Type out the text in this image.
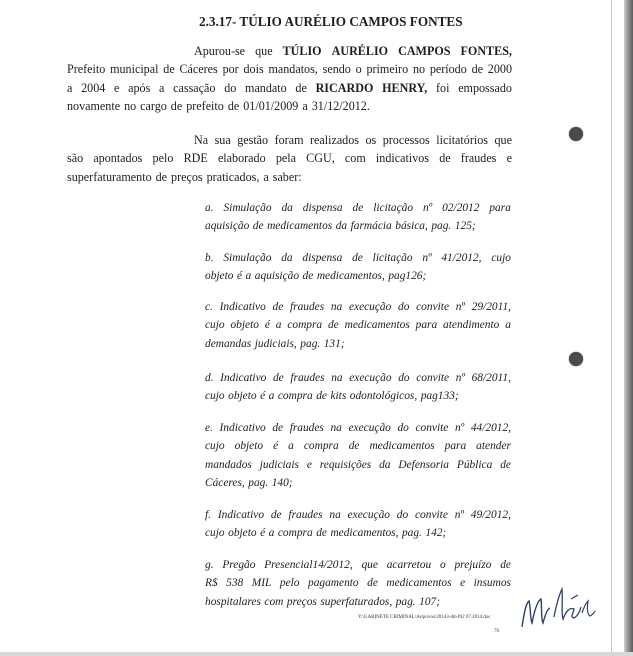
2.3.17- TÚLIO AURÉLIO CAMPOS FONTES
Apurou-se que TÚLIO AURÉLIO CAMPOS FONTES,
Prefeito municipal de Cáceres por dois mandatos, sendo o primeiro no período de 2000
a 2004 e após a cassação do mandato de RICARDO HENRY, foi empossado
novamente no cargo de prefeito de 01/01/2009 a 31/12/2012.
Na sua gestão foram realizados os processos licitatórios que
são apontados pelo RDE elaborado pela CGU, com indicativos de fraudes e
superfaturamento de preços praticados, a saber:
a. Simulação da dispensa de licitação nº 02/2012 para
aquisição de medicamentos da farmácia básica, pag. 125;
b. Simulação da dispensa de licitação nº 41/2012, cujo
objeto é a aquisição de medicamentos, pag126;
c. Indicativo de fraudes na execução do convite nº 29/2011,
cujo objeto é a compra de medicamentos para atendimento a
demandas judiciais, pag. 131;
d. Indicativo de fraudes na execução do convite nº 68/2011,
cujo objeto é a compra de kits odontológicos, pag133;
e. Indicativo de fraudes na execução do convite nº 44/2012,
cujo objeto é a compra de medicamentos para atender
mandados judiciais e requisições da Defensoria Pública de
Cáceres, pag. 140;
f. Indicativo de fraudes na execução do convite nº 49/2012,
cujo objeto é a compra de medicamentos, pag. 142;
g. Pregão Presencial14/2012, que acarretou o prejuízo de
R$ 538 MIL pelo pagamento de medicamentos e insumos
hospitalares com preços superfaturados, pag. 107;
Y:\GABINETE CRIMINAL\Arquivos\20143-dd-492 07.2014.doc
76
